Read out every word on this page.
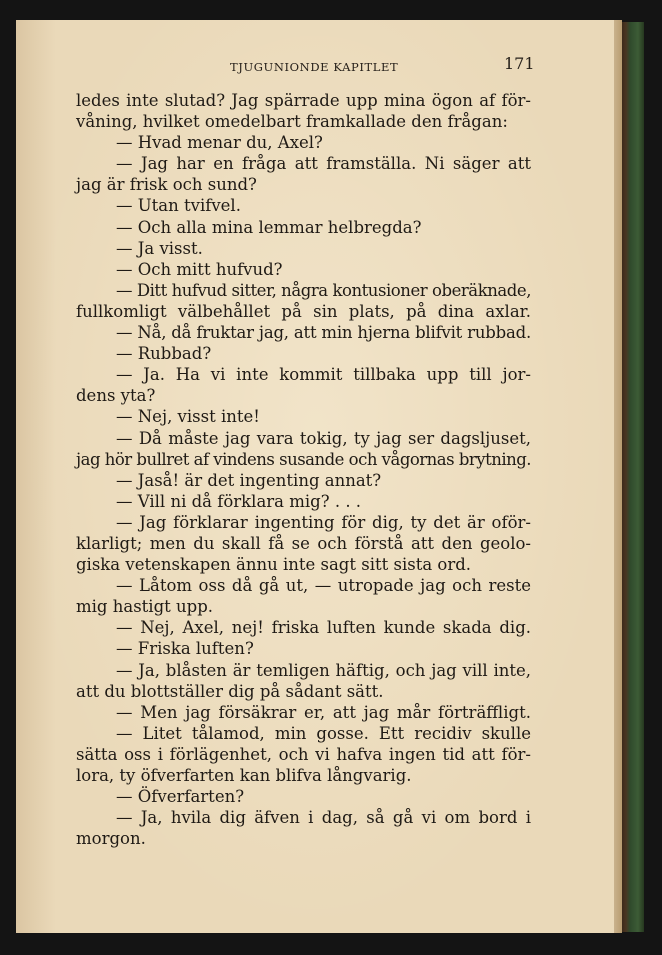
TJUGUNIONDE KAPITLET	171
ledes inte slutad? Jag spärrade upp mina ögon af för-
våning, hvilket omedelbart framkallade den frågan:
— Hvad menar du, Axel?
— Jag har en fråga att framställa. Ni säger att
jag är frisk och sund?
— Utan tvifvel.
— Och alla mina lemmar helbregda?
— Ja visst.
— Och mitt hufvud?
— Ditt hufvud sitter, några kontusioner oberäknade,
fullkomligt välbehållet på sin plats, på dina axlar.
— Nå, då fruktar jag, att min hjerna blifvit rubbad.
— Rubbad?
— Ja. Ha vi inte kommit tillbaka upp till jor-
dens yta?
— Nej, visst inte!
— Då måste jag vara tokig, ty jag ser dagsljuset,
jag hör bullret af vindens susande och vågornas brytning.
— Jaså! är det ingenting annat?
— Vill ni då förklara mig? . . .
— Jag förklarar ingenting för dig, ty det är oför-
klarligt; men du skall få se och förstå att den geolo-
giska vetenskapen ännu inte sagt sitt sista ord.
— Låtom oss då gå ut, — utropade jag och reste
mig hastigt upp.
— Nej, Axel, nej! friska luften kunde skada dig.
— Friska luften?
— Ja, blåsten är temligen häftig, och jag vill inte,
att du blottställer dig på sådant sätt.
— Men jag försäkrar er, att jag mår förträffligt.
— Litet tålamod, min gosse. Ett recidiv skulle
sätta oss i förlägenhet, och vi hafva ingen tid att för-
lora, ty öfverfarten kan blifva långvarig.
— Öfverfarten?
— Ja, hvila dig äfven i dag, så gå vi om bord i
morgon.
